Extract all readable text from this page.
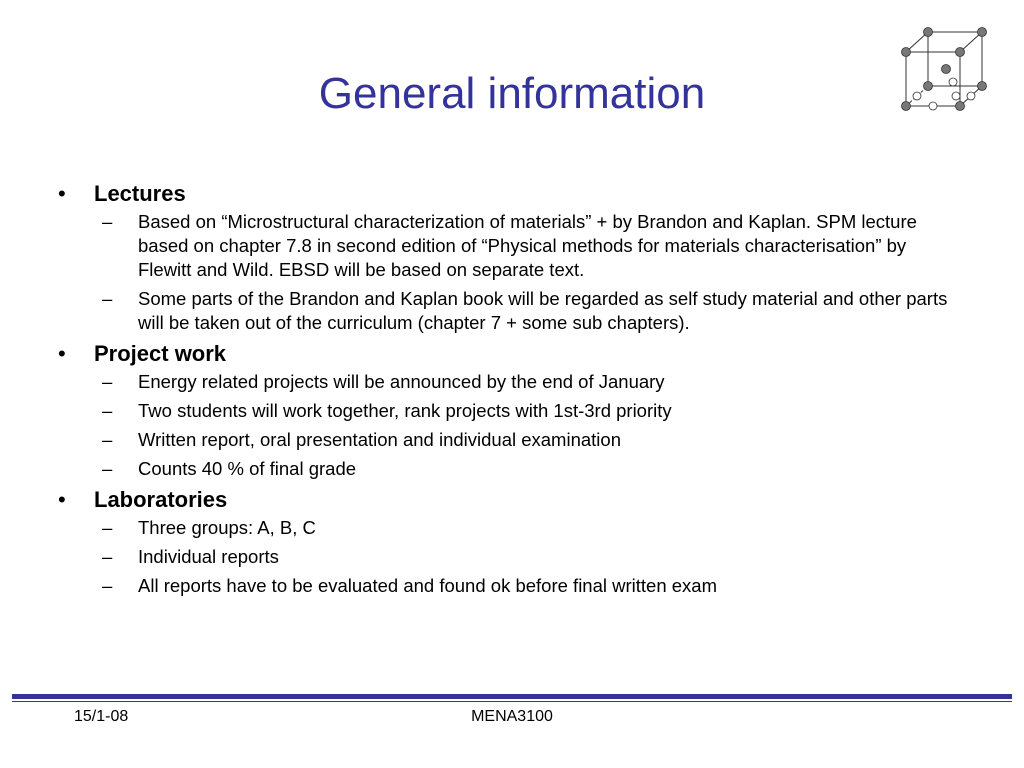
General information
• Lectures
– Based on “Microstructural characterization of materials” + by Brandon and Kaplan. SPM lecture based on chapter 7.8 in second edition of “Physical methods for materials characterisation” by Flewitt and Wild. EBSD will be based on separate text.
– Some parts of the Brandon and Kaplan book will be regarded as self study material and other parts will be taken out of the curriculum (chapter 7 + some sub chapters).
• Project work
– Energy related projects will be announced by the end of January
– Two students will work together, rank projects with 1st-3rd priority
– Written report, oral presentation and individual examination
– Counts 40 % of final grade
• Laboratories
– Three groups: A, B, C
– Individual reports
– All reports have to be evaluated and found ok before final written exam
15/1-08	MENA3100
